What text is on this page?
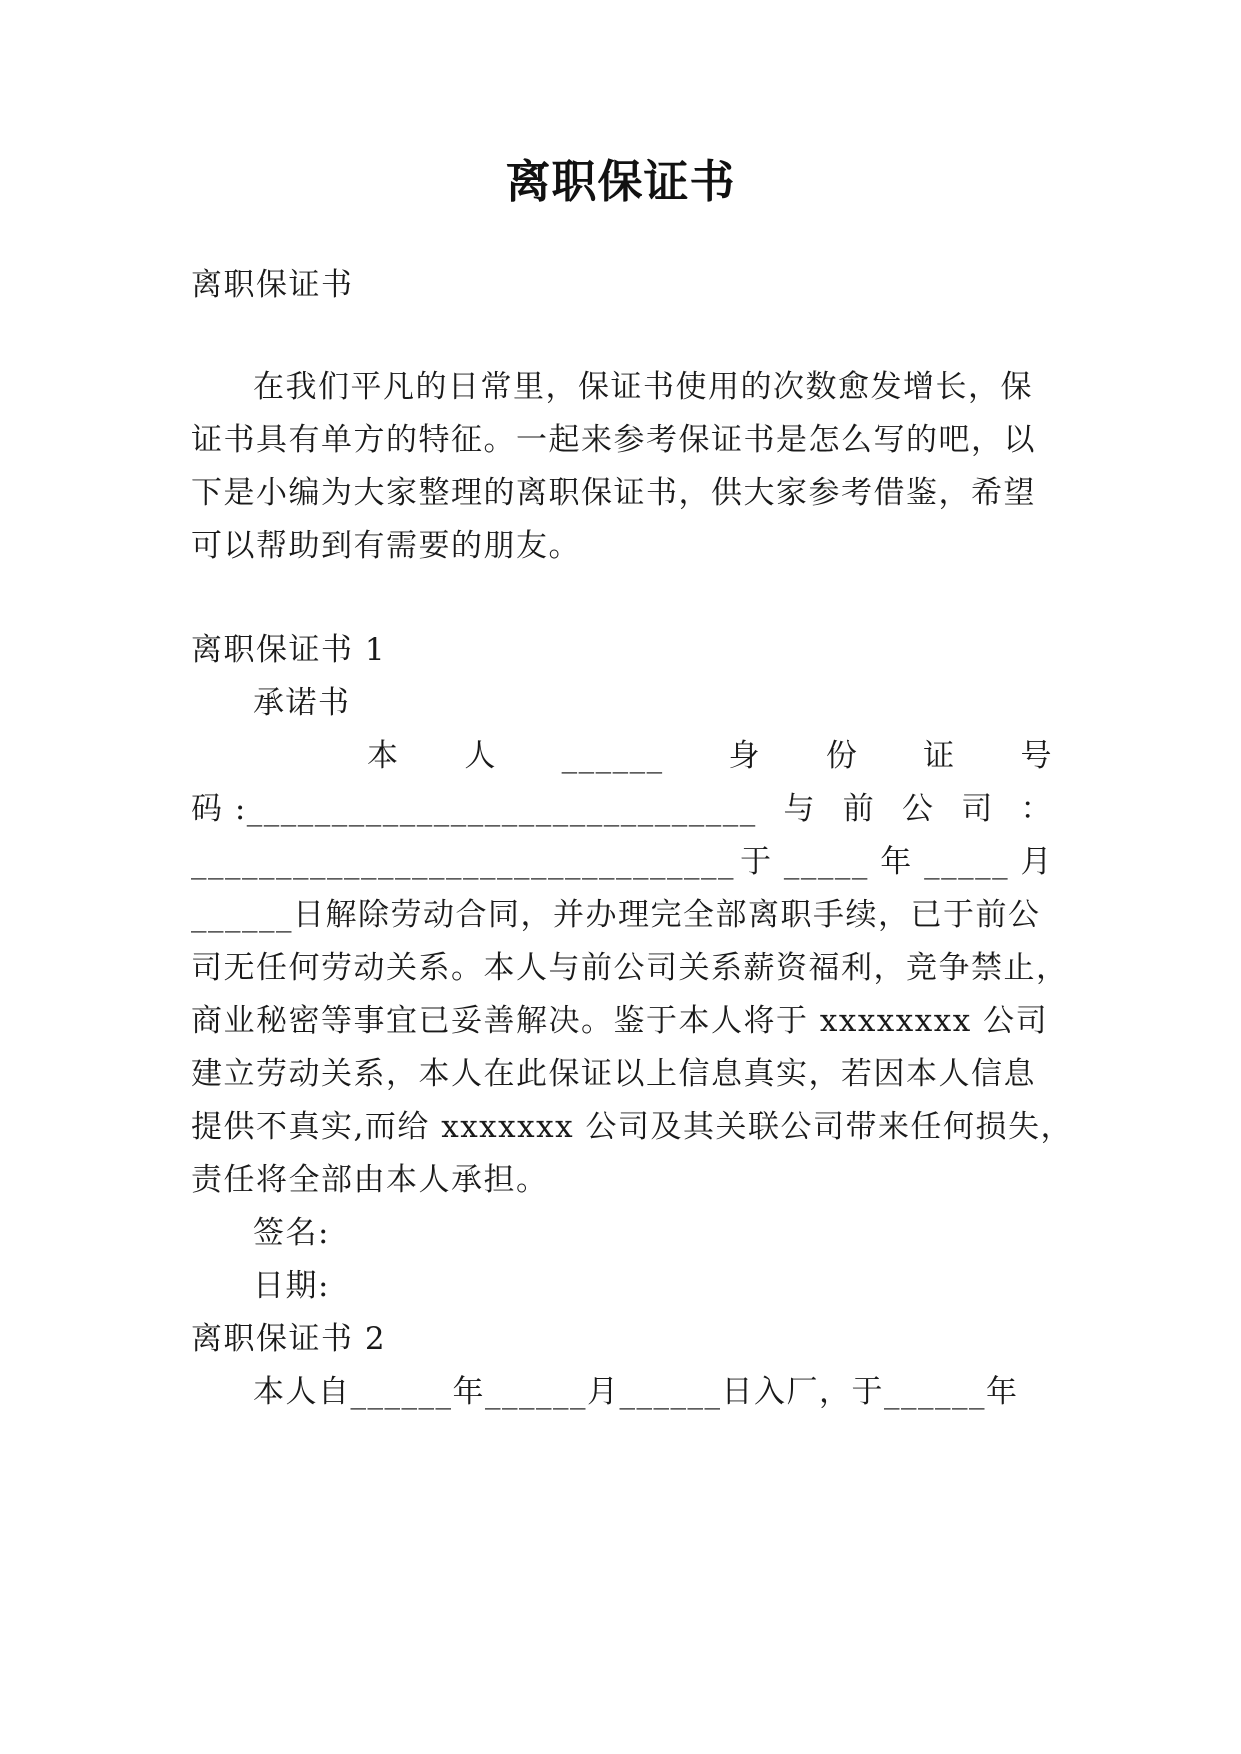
离职保证书
离职保证书
在我们平凡的日常里，保证书使用的次数愈发增长，保
证书具有单方的特征。一起来参考保证书是怎么写的吧，以
下是小编为大家整理的离职保证书，供大家参考借鉴，希望
可以帮助到有需要的朋友。
离职保证书 1
承诺书
本 人 ______ 身 份 证 号
码 :______________________________ 与 前 公 司 ：
________________________________ 于 _____ 年 _____ 月
______日解除劳动合同，并办理完全部离职手续，已于前公
司无任何劳动关系。本人与前公司关系薪资福利，竞争禁止，
商业秘密等事宜已妥善解决。鉴于本人将于 xxxxxxxx 公司
建立劳动关系，本人在此保证以上信息真实，若因本人信息
提供不真实,而给 xxxxxxx 公司及其关联公司带来任何损失，
责任将全部由本人承担。
签名:
日期:
离职保证书 2
本人自______年______月______日入厂，于______年
